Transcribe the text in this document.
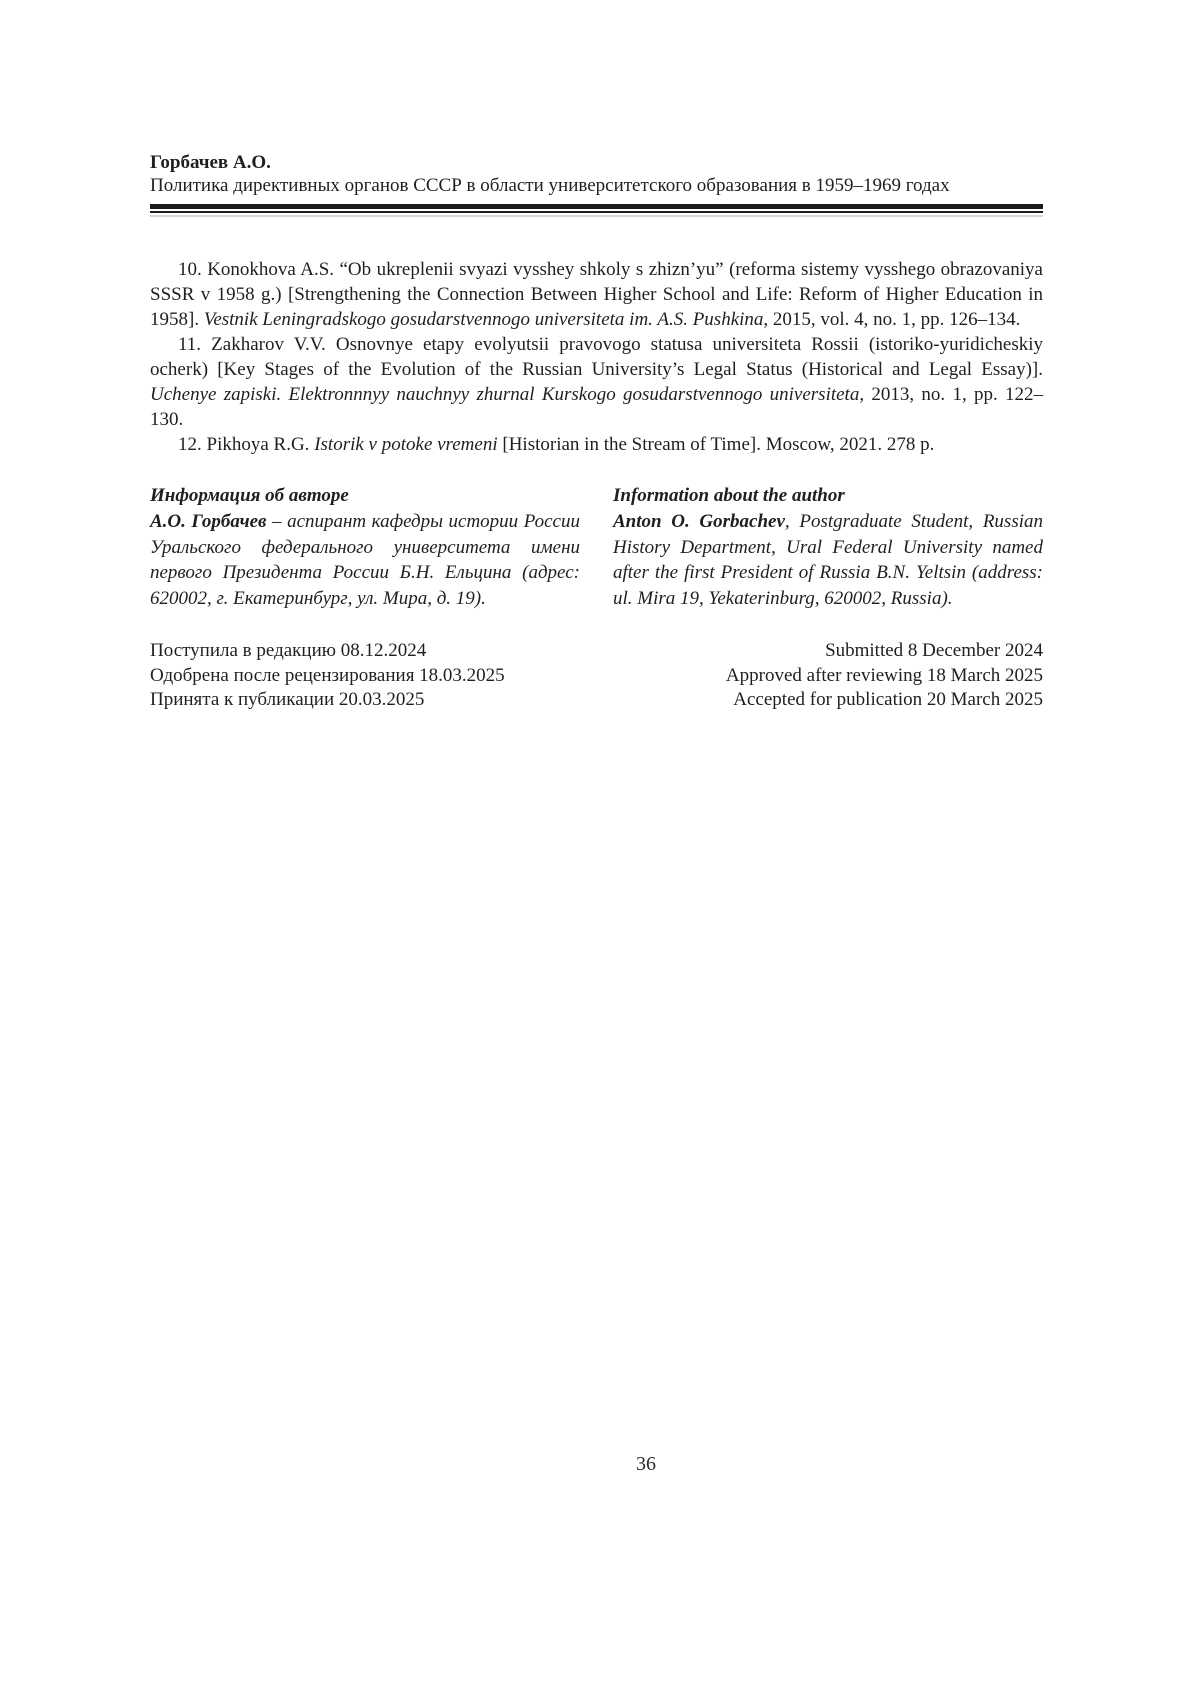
Горбачев А.О.
Политика директивных органов СССР в области университетского образования в 1959–1969 годах

10. Konokhova A.S. “Ob ukreplenii svyazi vysshey shkoly s zhizn’yu” (reforma sistemy vysshego obrazovaniya SSSR v 1958 g.) [Strengthening the Connection Between Higher School and Life: Reform of Higher Education in 1958]. Vestnik Leningradskogo gosudarstvennogo universiteta im. A.S. Pushkina, 2015, vol. 4, no. 1, pp. 126–134.

11. Zakharov V.V. Osnovnye etapy evolyutsii pravovogo statusa universiteta Rossii (istoriko-yuridicheskiy ocherk) [Key Stages of the Evolution of the Russian University’s Legal Status (Historical and Legal Essay)]. Uchenye zapiski. Elektronnnyy nauchnyy zhurnal Kurskogo gosudarstvennogo universiteta, 2013, no. 1, pp. 122–130.

12. Pikhoya R.G. Istorik v potoke vremeni [Historian in the Stream of Time]. Moscow, 2021. 278 p.

Информация об авторе
А.О. Горбачев – аспирант кафедры истории России Уральского федерального университета имени первого Президента России Б.Н. Ельцина (адрес: 620002, г. Екатеринбург, ул. Мира, д. 19).

Поступила в редакцию 08.12.2024

Одобрена после рецензирования 18.03.2025

Принята к публикации 20.03.2025

Information about the author
Anton O. Gorbachev, Postgraduate Student, Russian History Department, Ural Federal University named after the first President of Russia B.N. Yeltsin (address: ul. Mira 19, Yekaterinburg, 620002, Russia).

Submitted 8 December 2024

Approved after reviewing 18 March 2025

Accepted for publication 20 March 2025

36
